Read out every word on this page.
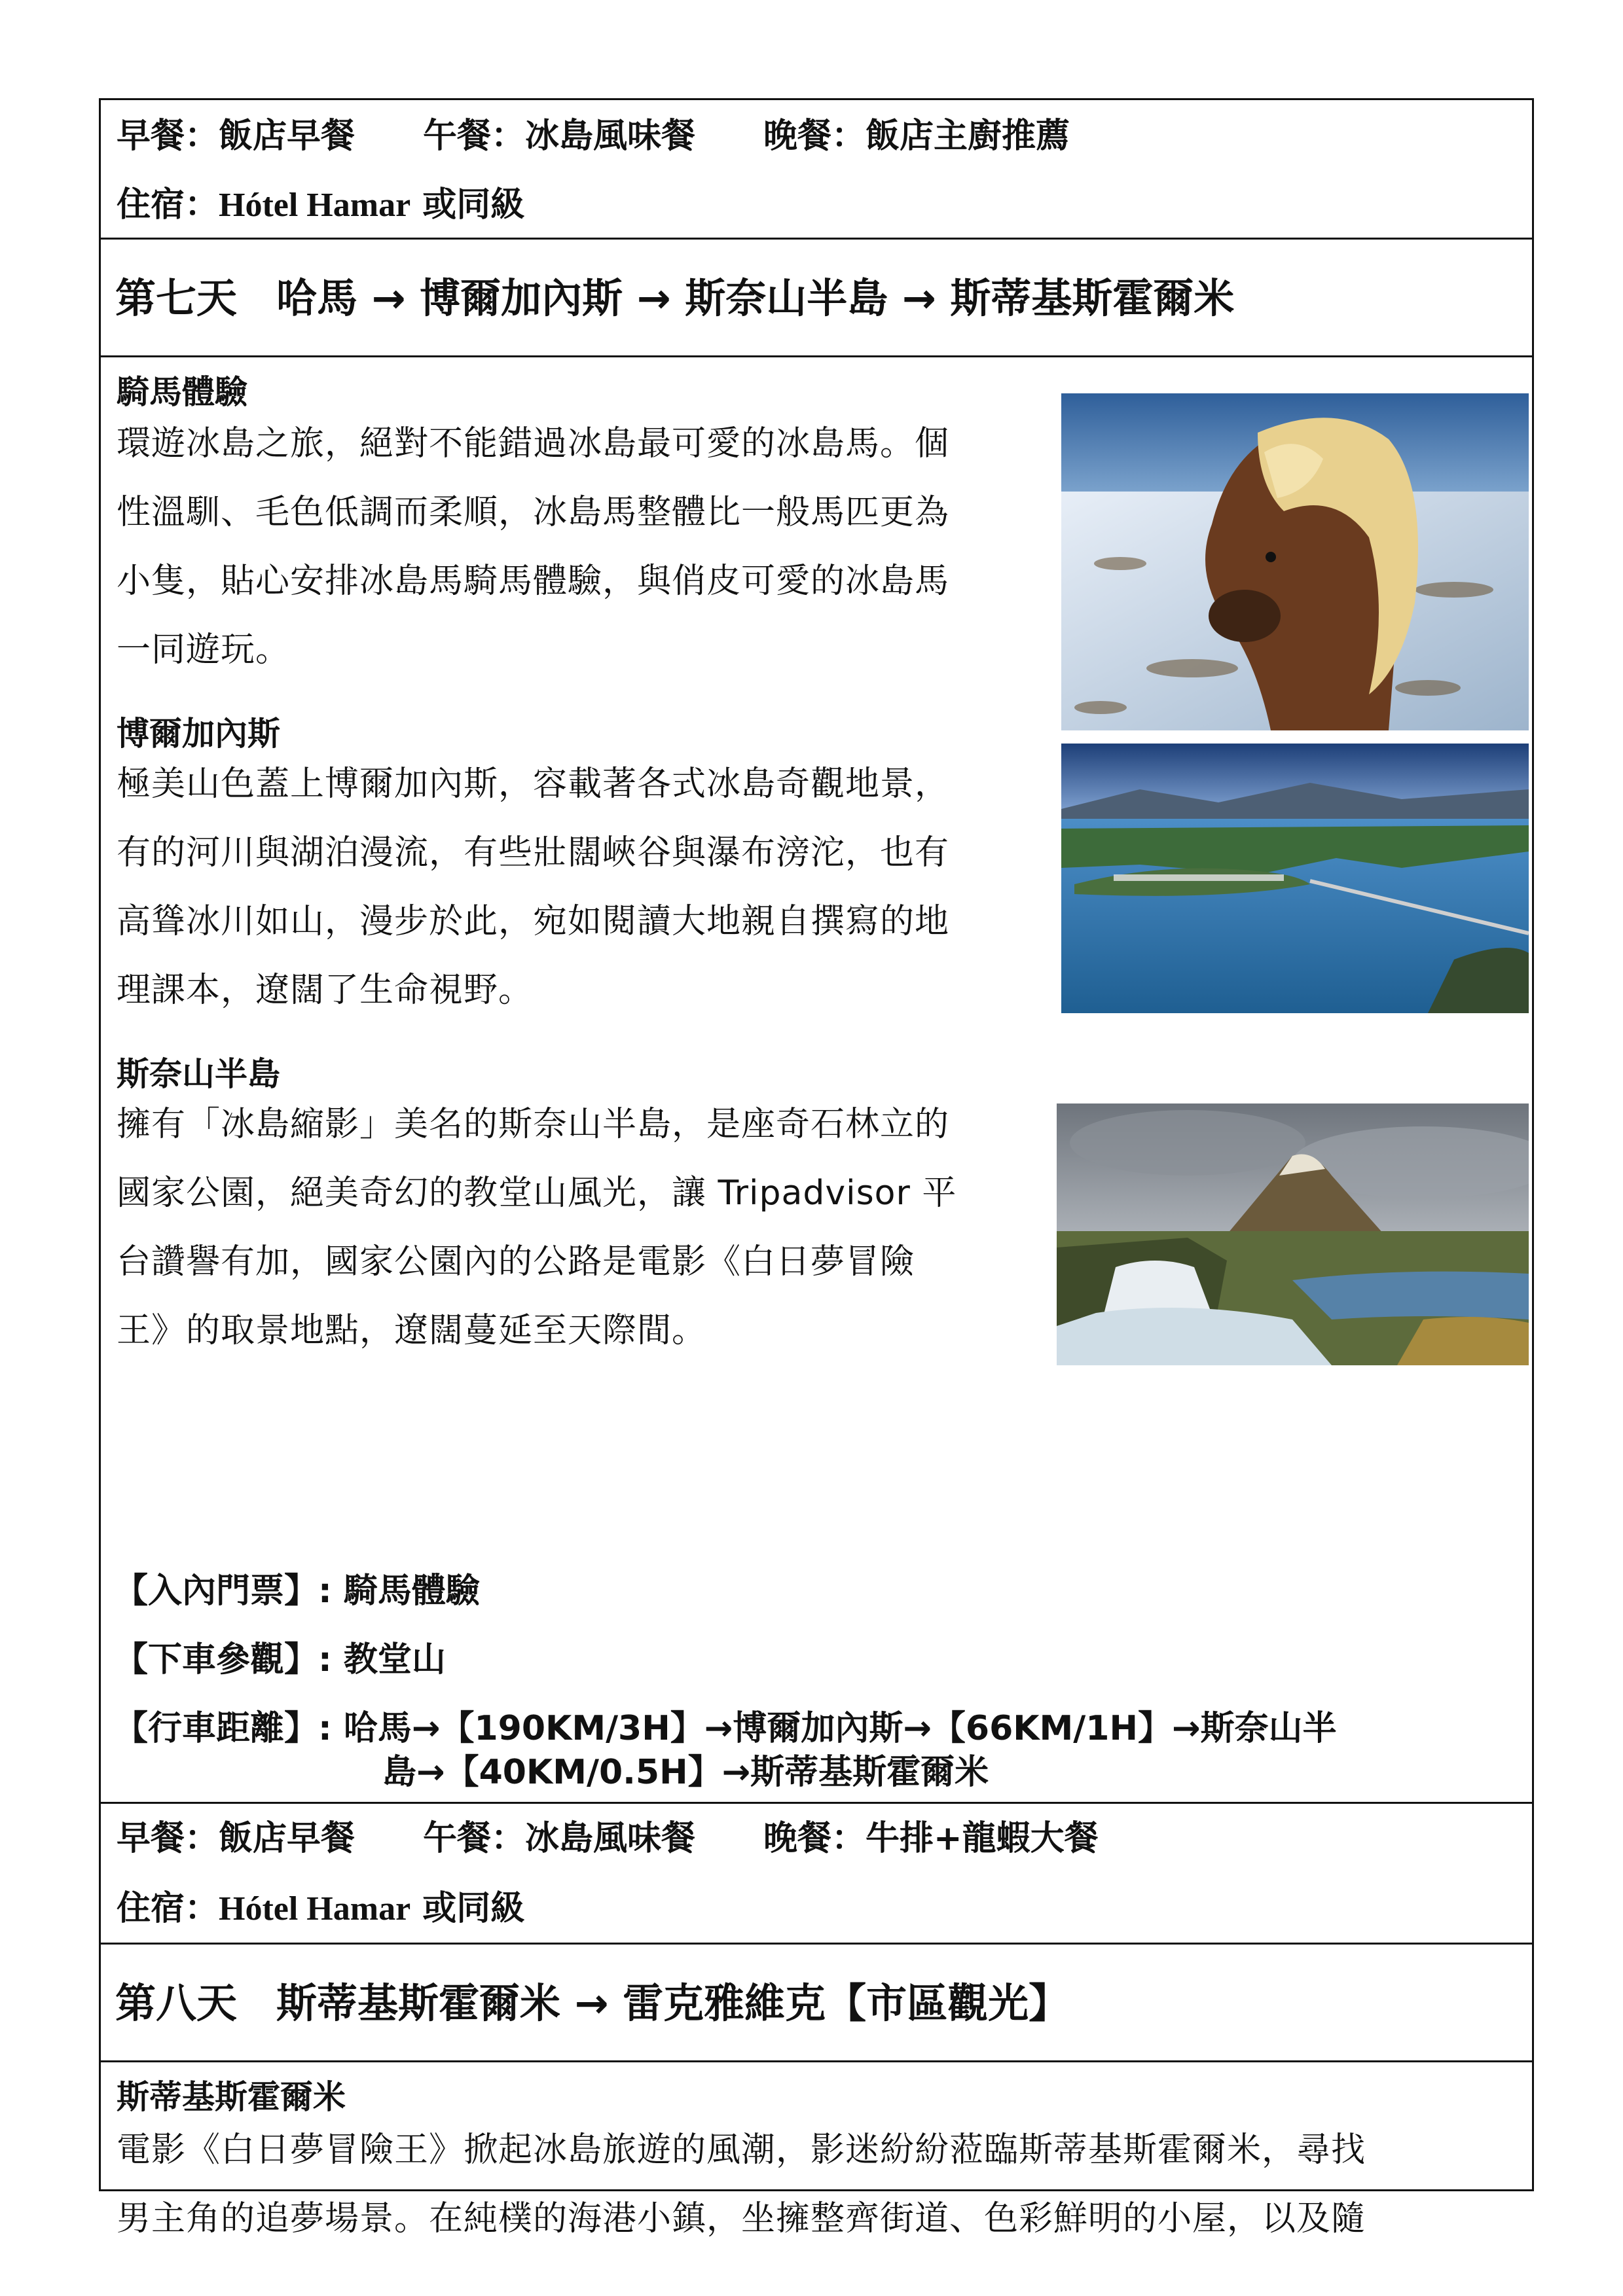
早餐：飯店早餐　　午餐：冰島風味餐　　晚餐：飯店主廚推薦
住宿：Hótel Hamar 或同級
第七天 哈馬 → 博爾加內斯 → 斯奈山半島 → 斯蒂基斯霍爾米
騎馬體驗
環遊冰島之旅，絕對不能錯過冰島最可愛的冰島馬。個
性溫馴、毛色低調而柔順，冰島馬整體比一般馬匹更為
小隻，貼心安排冰島馬騎馬體驗，與俏皮可愛的冰島馬
一同遊玩。
博爾加內斯
極美山色蓋上博爾加內斯，容載著各式冰島奇觀地景，
有的河川與湖泊漫流，有些壯闊峽谷與瀑布滂沱，也有
高聳冰川如山，漫步於此，宛如閱讀大地親自撰寫的地
理課本，遼闊了生命視野。
斯奈山半島
擁有「冰島縮影」美名的斯奈山半島，是座奇石林立的
國家公園，絕美奇幻的教堂山風光，讓 Tripadvisor 平
台讚譽有加，國家公園內的公路是電影《白日夢冒險
王》的取景地點，遼闊蔓延至天際間。
【入內門票】: 騎馬體驗
【下車參觀】: 教堂山
【行車距離】: 哈馬→【190KM/3H】→博爾加內斯→【66KM/1H】→斯奈山半
島→【40KM/0.5H】→斯蒂基斯霍爾米
早餐：飯店早餐　　午餐：冰島風味餐　　晚餐：牛排+龍蝦大餐
住宿：Hótel Hamar 或同級
第八天 斯蒂基斯霍爾米 → 雷克雅維克【市區觀光】
斯蒂基斯霍爾米
電影《白日夢冒險王》掀起冰島旅遊的風潮，影迷紛紛蒞臨斯蒂基斯霍爾米，尋找
男主角的追夢場景。在純樸的海港小鎮，坐擁整齊街道、色彩鮮明的小屋，以及隨
